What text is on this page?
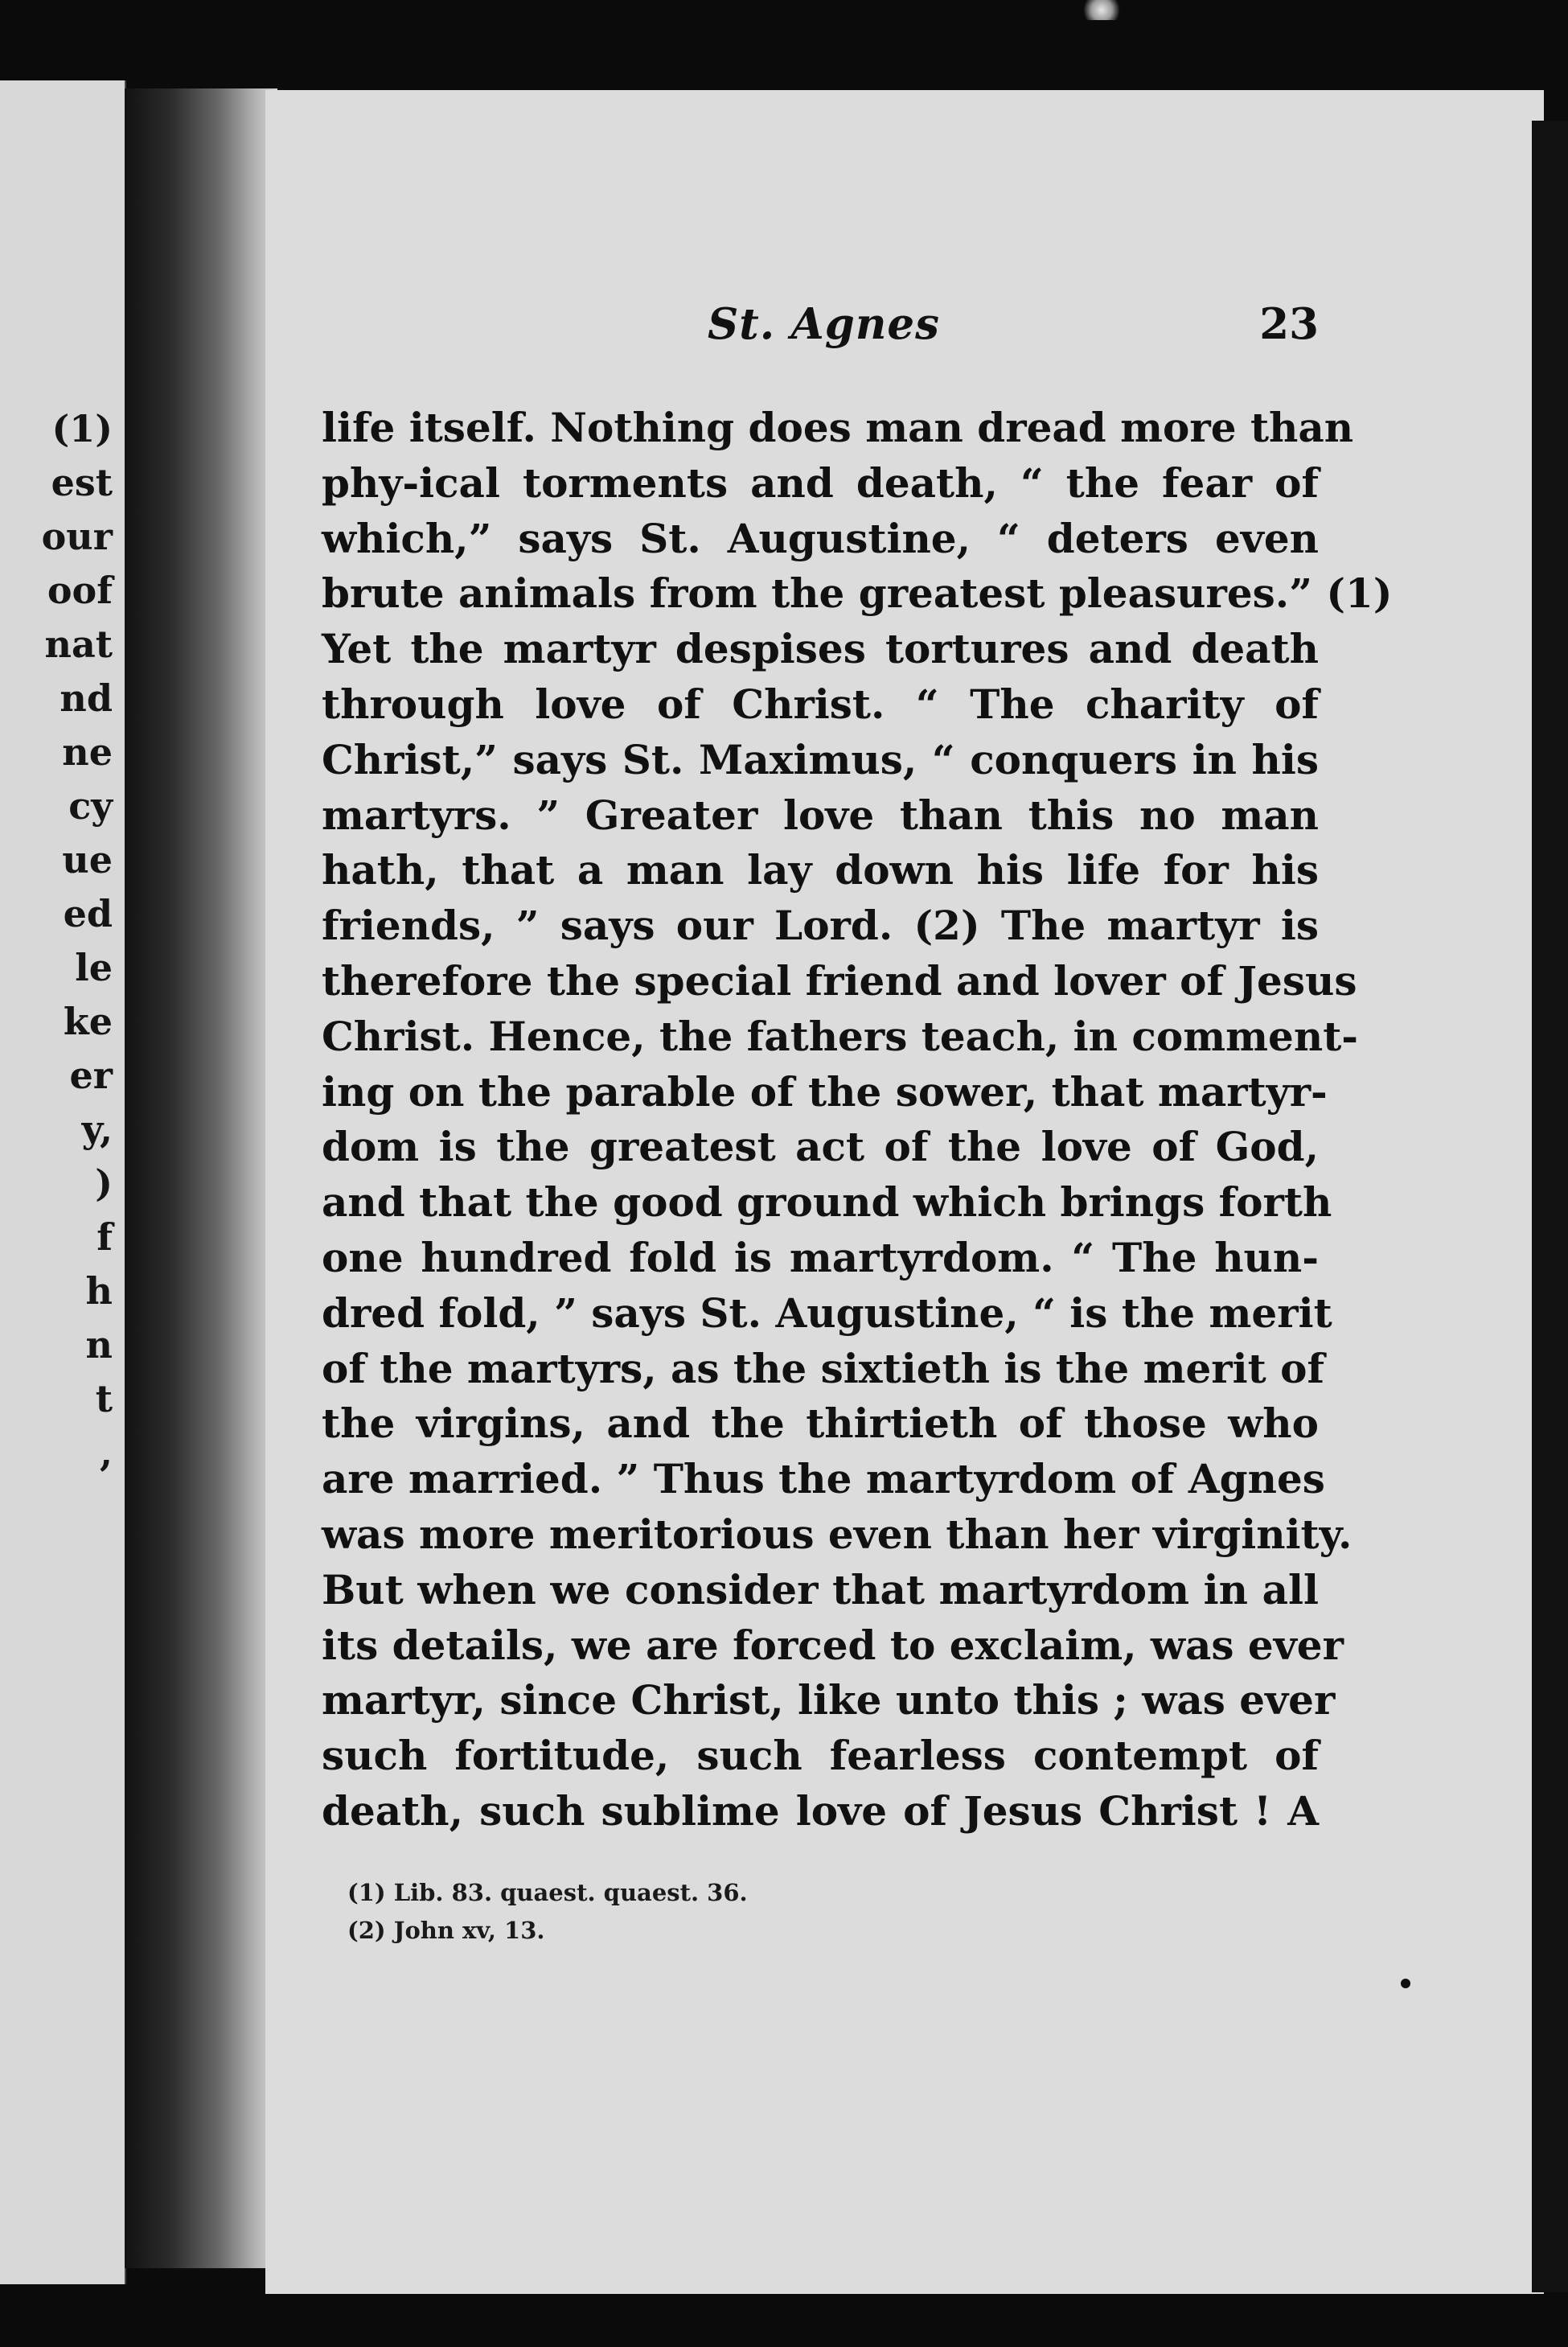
(1)
est
our
oof
nat
nd
ne
cy
ue
ed
le
ke
er
y,
)
f
h
n
t
,
St. Agnes	23
life itself. Nothing does man dread more than
phy-ical torments and death, “ the fear of
which,” says St. Augustine, “ deters even
brute animals from the greatest pleasures.” (1)
Yet the martyr despises tortures and death
through love of Christ. “ The charity of
Christ,” says St. Maximus, “ conquers in his
martyrs. ” Greater love than this no man
hath, that a man lay down his life for his
friends, ” says our Lord. (2) The martyr is
therefore the special friend and lover of Jesus
Christ. Hence, the fathers teach, in comment-
ing on the parable of the sower, that martyr-
dom is the greatest act of the love of God,
and that the good ground which brings forth
one hundred fold is martyrdom. “ The hun-
dred fold, ” says St. Augustine, “ is the merit
of the martyrs, as the sixtieth is the merit of
the virgins, and the thirtieth of those who
are married. ” Thus the martyrdom of Agnes
was more meritorious even than her virginity.
But when we consider that martyrdom in all
its details, we are forced to exclaim, was ever
martyr, since Christ, like unto this ; was ever
such fortitude, such fearless contempt of
death, such sublime love of Jesus Christ ! A
(1) Lib. 83. quaest. quaest. 36.
(2) John xv, 13.
